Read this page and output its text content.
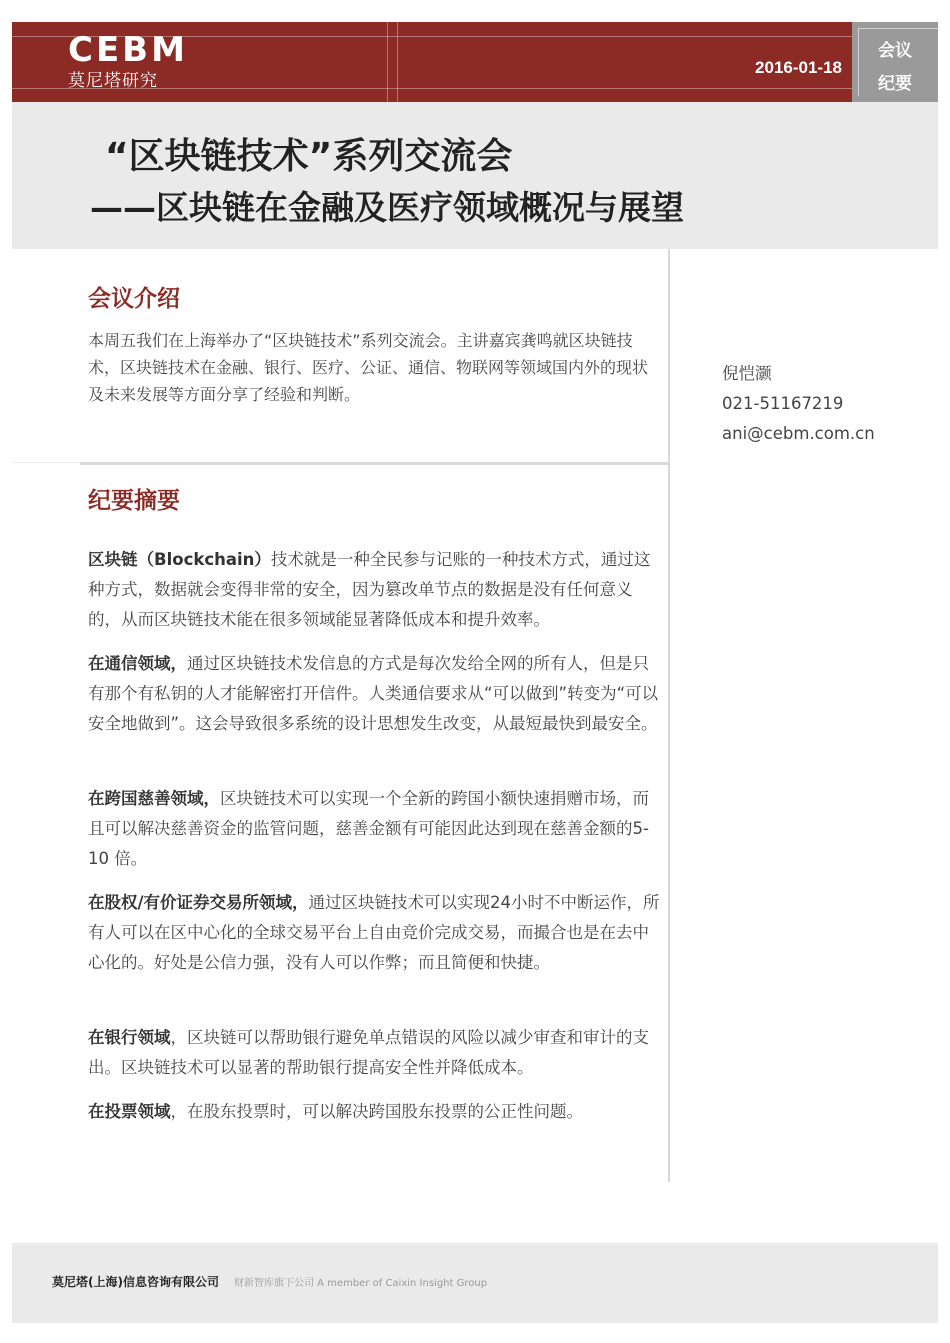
CEBM
莫尼塔研究
2016-01-18
会议
纪要
“区块链技术”系列交流会
——区块链在金融及医疗领域概况与展望
会议介绍
本周五我们在上海举办了“区块链技术”系列交流会。主讲嘉宾龚鸣就区块链技术，区块链技术在金融、银行、医疗、公证、通信、物联网等领域国内外的现状及未来发展等方面分享了经验和判断。
倪恺灏
021-51167219
ani@cebm.com.cn
纪要摘要

区块链（Blockchain）技术就是一种全民参与记账的一种技术方式，通过这种方式，数据就会变得非常的安全，因为篡改单节点的数据是没有任何意义的，从而区块链技术能在很多领域能显著降低成本和提升效率。

在通信领域，通过区块链技术发信息的方式是每次发给全网的所有人，但是只有那个有私钥的人才能解密打开信件。人类通信要求从“可以做到”转变为“可以安全地做到”。这会导致很多系统的设计思想发生改变，从最短最快到最安全。

在跨国慈善领域，区块链技术可以实现一个全新的跨国小额快速捐赠市场，而且可以解决慈善资金的监管问题，慈善金额有可能因此达到现在慈善金额的5-10 倍。

在股权/有价证券交易所领域，通过区块链技术可以实现24小时不中断运作，所有人可以在区中心化的全球交易平台上自由竞价完成交易，而撮合也是在去中心化的。好处是公信力强，没有人可以作弊；而且简便和快捷。

在银行领域，区块链可以帮助银行避免单点错误的风险以减少审查和审计的支出。区块链技术可以显著的帮助银行提高安全性并降低成本。

在投票领域，在股东投票时，可以解决跨国股东投票的公正性问题。

莫尼塔(上海)信息咨询有限公司 财新智库旗下公司 A member of Caixin Insight Group
